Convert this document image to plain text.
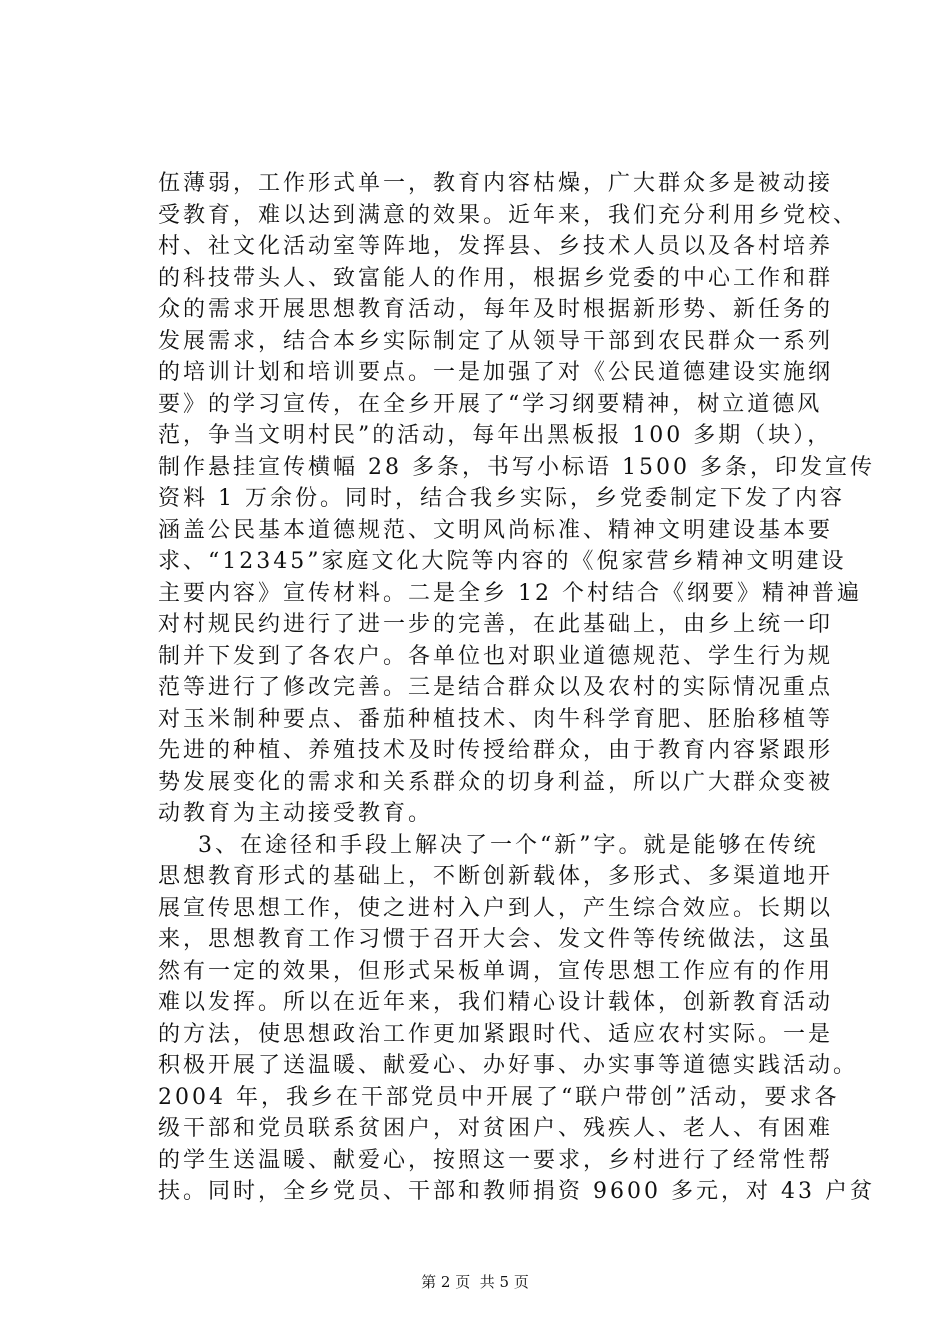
伍薄弱，工作形式单一，教育内容枯燥，广大群众多是被动接
受教育，难以达到满意的效果。近年来，我们充分利用乡党校、
村、社文化活动室等阵地，发挥县、乡技术人员以及各村培养
的科技带头人、致富能人的作用，根据乡党委的中心工作和群
众的需求开展思想教育活动，每年及时根据新形势、新任务的
发展需求，结合本乡实际制定了从领导干部到农民群众一系列
的培训计划和培训要点。一是加强了对《公民道德建设实施纲
要》的学习宣传，在全乡开展了“学习纲要精神，树立道德风
范，争当文明村民”的活动，每年出黑板报 100 多期（块），
制作悬挂宣传横幅 28 多条，书写小标语 1500 多条，印发宣传
资料 1 万余份。同时，结合我乡实际，乡党委制定下发了内容
涵盖公民基本道德规范、文明风尚标准、精神文明建设基本要
求、“12345”家庭文化大院等内容的《倪家营乡精神文明建设
主要内容》宣传材料。二是全乡 12 个村结合《纲要》精神普遍
对村规民约进行了进一步的完善，在此基础上，由乡上统一印
制并下发到了各农户。各单位也对职业道德规范、学生行为规
范等进行了修改完善。三是结合群众以及农村的实际情况重点
对玉米制种要点、番茄种植技术、肉牛科学育肥、胚胎移植等
先进的种植、养殖技术及时传授给群众，由于教育内容紧跟形
势发展变化的需求和关系群众的切身利益，所以广大群众变被
动教育为主动接受教育。
3、在途径和手段上解决了一个“新”字。就是能够在传统
思想教育形式的基础上，不断创新载体，多形式、多渠道地开
展宣传思想工作，使之进村入户到人，产生综合效应。长期以
来，思想教育工作习惯于召开大会、发文件等传统做法，这虽
然有一定的效果，但形式呆板单调，宣传思想工作应有的作用
难以发挥。所以在近年来，我们精心设计载体，创新教育活动
的方法，使思想政治工作更加紧跟时代、适应农村实际。一是
积极开展了送温暖、献爱心、办好事、办实事等道德实践活动。
2004 年，我乡在干部党员中开展了“联户带创”活动，要求各
级干部和党员联系贫困户，对贫困户、残疾人、老人、有困难
的学生送温暖、献爱心，按照这一要求，乡村进行了经常性帮
扶。同时，全乡党员、干部和教师捐资 9600 多元，对 43 户贫
第 2 页  共 5 页
